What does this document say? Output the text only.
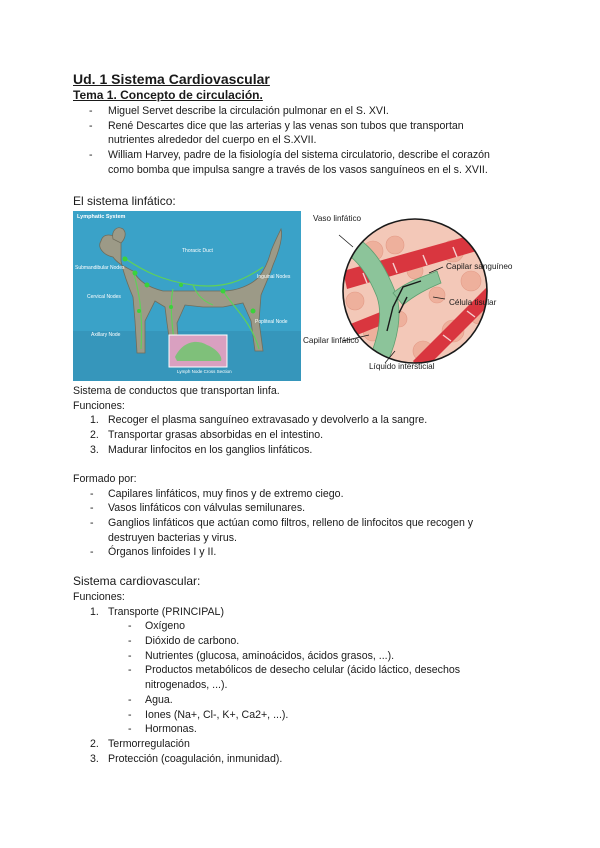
Ud. 1 Sistema Cardiovascular
Tema 1. Concepto de circulación.
- Miguel Servet describe la circulación pulmonar en el S. XVI.
- René Descartes dice que las arterias y las venas son tubos que transportan
nutrientes alrededor del cuerpo en el S.XVII.
- William Harvey, padre de la fisiología del sistema circulatorio, describe el corazón
como bomba que impulsa sangre a través de los vasos sanguíneos en el s. XVII.
El sistema linfático:
Lymphatic System
Thoracic Duct
Submandibular Nodes
Inguinal Nodes
Cervical Nodes
Popliteal Node
Axillary Node
Lymph Node Cross Section
Vaso linfático
Capilar sanguíneo
Célula tisular
Capilar linfático
Líquido intersticial
Sistema de conductos que transportan linfa.
Funciones:
1. Recoger el plasma sanguíneo extravasado y devolverlo a la sangre.
2. Transportar grasas absorbidas en el intestino.
3. Madurar linfocitos en los ganglios linfáticos.
Formado por:
- Capilares linfáticos, muy finos y de extremo ciego.
- Vasos linfáticos con válvulas semilunares.
- Ganglios linfáticos que actúan como filtros, relleno de linfocitos que recogen y
destruyen bacterias y virus.
- Órganos linfoides I y II.
Sistema cardiovascular:
Funciones:
1. Transporte (PRINCIPAL)
- Oxígeno
- Dióxido de carbono.
- Nutrientes (glucosa, aminoácidos, ácidos grasos, ...).
- Productos metabólicos de desecho celular (ácido láctico, desechos
nitrogenados, ...).
- Agua.
- Iones (Na+, Cl-, K+, Ca2+, ...).
- Hormonas.
2. Termorregulación
3. Protección (coagulación, inmunidad).
